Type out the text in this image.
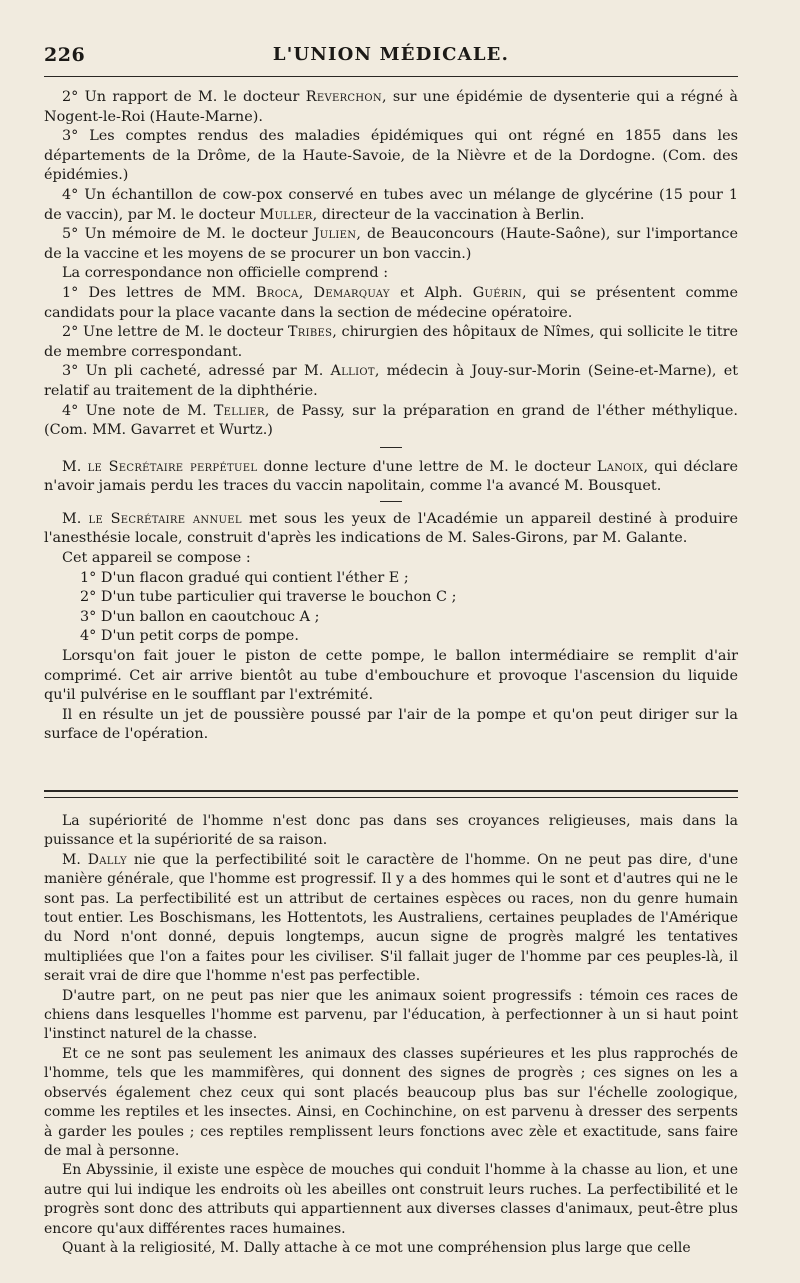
226	L'UNION MÉDICALE.

2° Un rapport de M. le docteur Reverchon, sur une épidémie de dysenterie qui a régné à Nogent-le-Roi (Haute-Marne).

3° Les comptes rendus des maladies épidémiques qui ont régné en 1855 dans les départements de la Drôme, de la Haute-Savoie, de la Nièvre et de la Dordogne. (Com. des épidémies.)

4° Un échantillon de cow-pox conservé en tubes avec un mélange de glycérine (15 pour 1 de vaccin), par M. le docteur Muller, directeur de la vaccination à Berlin.

5° Un mémoire de M. le docteur Julien, de Beauconcours (Haute-Saône), sur l'importance de la vaccine et les moyens de se procurer un bon vaccin.)

La correspondance non officielle comprend :

1° Des lettres de MM. Broca, Demarquay et Alph. Guérin, qui se présentent comme candidats pour la place vacante dans la section de médecine opératoire.

2° Une lettre de M. le docteur Tribes, chirurgien des hôpitaux de Nîmes, qui sollicite le titre de membre correspondant.

3° Un pli cacheté, adressé par M. Alliot, médecin à Jouy-sur-Morin (Seine-et-Marne), et relatif au traitement de la diphthérie.

4° Une note de M. Tellier, de Passy, sur la préparation en grand de l'éther méthylique. (Com. MM. Gavarret et Wurtz.)

M. le Secrétaire perpétuel donne lecture d'une lettre de M. le docteur Lanoix, qui déclare n'avoir jamais perdu les traces du vaccin napolitain, comme l'a avancé M. Bousquet.

M. le Secrétaire annuel met sous les yeux de l'Académie un appareil destiné à produire l'anesthésie locale, construit d'après les indications de M. Sales-Girons, par M. Galante.

Cet appareil se compose :

1° D'un flacon gradué qui contient l'éther E ;

2° D'un tube particulier qui traverse le bouchon C ;

3° D'un ballon en caoutchouc A ;

4° D'un petit corps de pompe.

Lorsqu'on fait jouer le piston de cette pompe, le ballon intermédiaire se remplit d'air comprimé. Cet air arrive bientôt au tube d'embouchure et provoque l'ascension du liquide qu'il pulvérise en le soufflant par l'extrémité.

Il en résulte un jet de poussière poussé par l'air de la pompe et qu'on peut diriger sur la surface de l'opération.

La supériorité de l'homme n'est donc pas dans ses croyances religieuses, mais dans la puissance et la supériorité de sa raison.

M. Dally nie que la perfectibilité soit le caractère de l'homme. On ne peut pas dire, d'une manière générale, que l'homme est progressif. Il y a des hommes qui le sont et d'autres qui ne le sont pas. La perfectibilité est un attribut de certaines espèces ou races, non du genre humain tout entier. Les Boschismans, les Hottentots, les Australiens, certaines peuplades de l'Amérique du Nord n'ont donné, depuis longtemps, aucun signe de progrès malgré les tentatives multipliées que l'on a faites pour les civiliser. S'il fallait juger de l'homme par ces peuples-là, il serait vrai de dire que l'homme n'est pas perfectible.

D'autre part, on ne peut pas nier que les animaux soient progressifs : témoin ces races de chiens dans lesquelles l'homme est parvenu, par l'éducation, à perfectionner à un si haut point l'instinct naturel de la chasse.

Et ce ne sont pas seulement les animaux des classes supérieures et les plus rapprochés de l'homme, tels que les mammifères, qui donnent des signes de progrès ; ces signes on les a observés également chez ceux qui sont placés beaucoup plus bas sur l'échelle zoologique, comme les reptiles et les insectes. Ainsi, en Cochinchine, on est parvenu à dresser des serpents à garder les poules ; ces reptiles remplissent leurs fonctions avec zèle et exactitude, sans faire de mal à personne.

En Abyssinie, il existe une espèce de mouches qui conduit l'homme à la chasse au lion, et une autre qui lui indique les endroits où les abeilles ont construit leurs ruches. La perfectibilité et le progrès sont donc des attributs qui appartiennent aux diverses classes d'animaux, peut-être plus encore qu'aux différentes races humaines.

Quant à la religiosité, M. Dally attache à ce mot une compréhension plus large que celle
